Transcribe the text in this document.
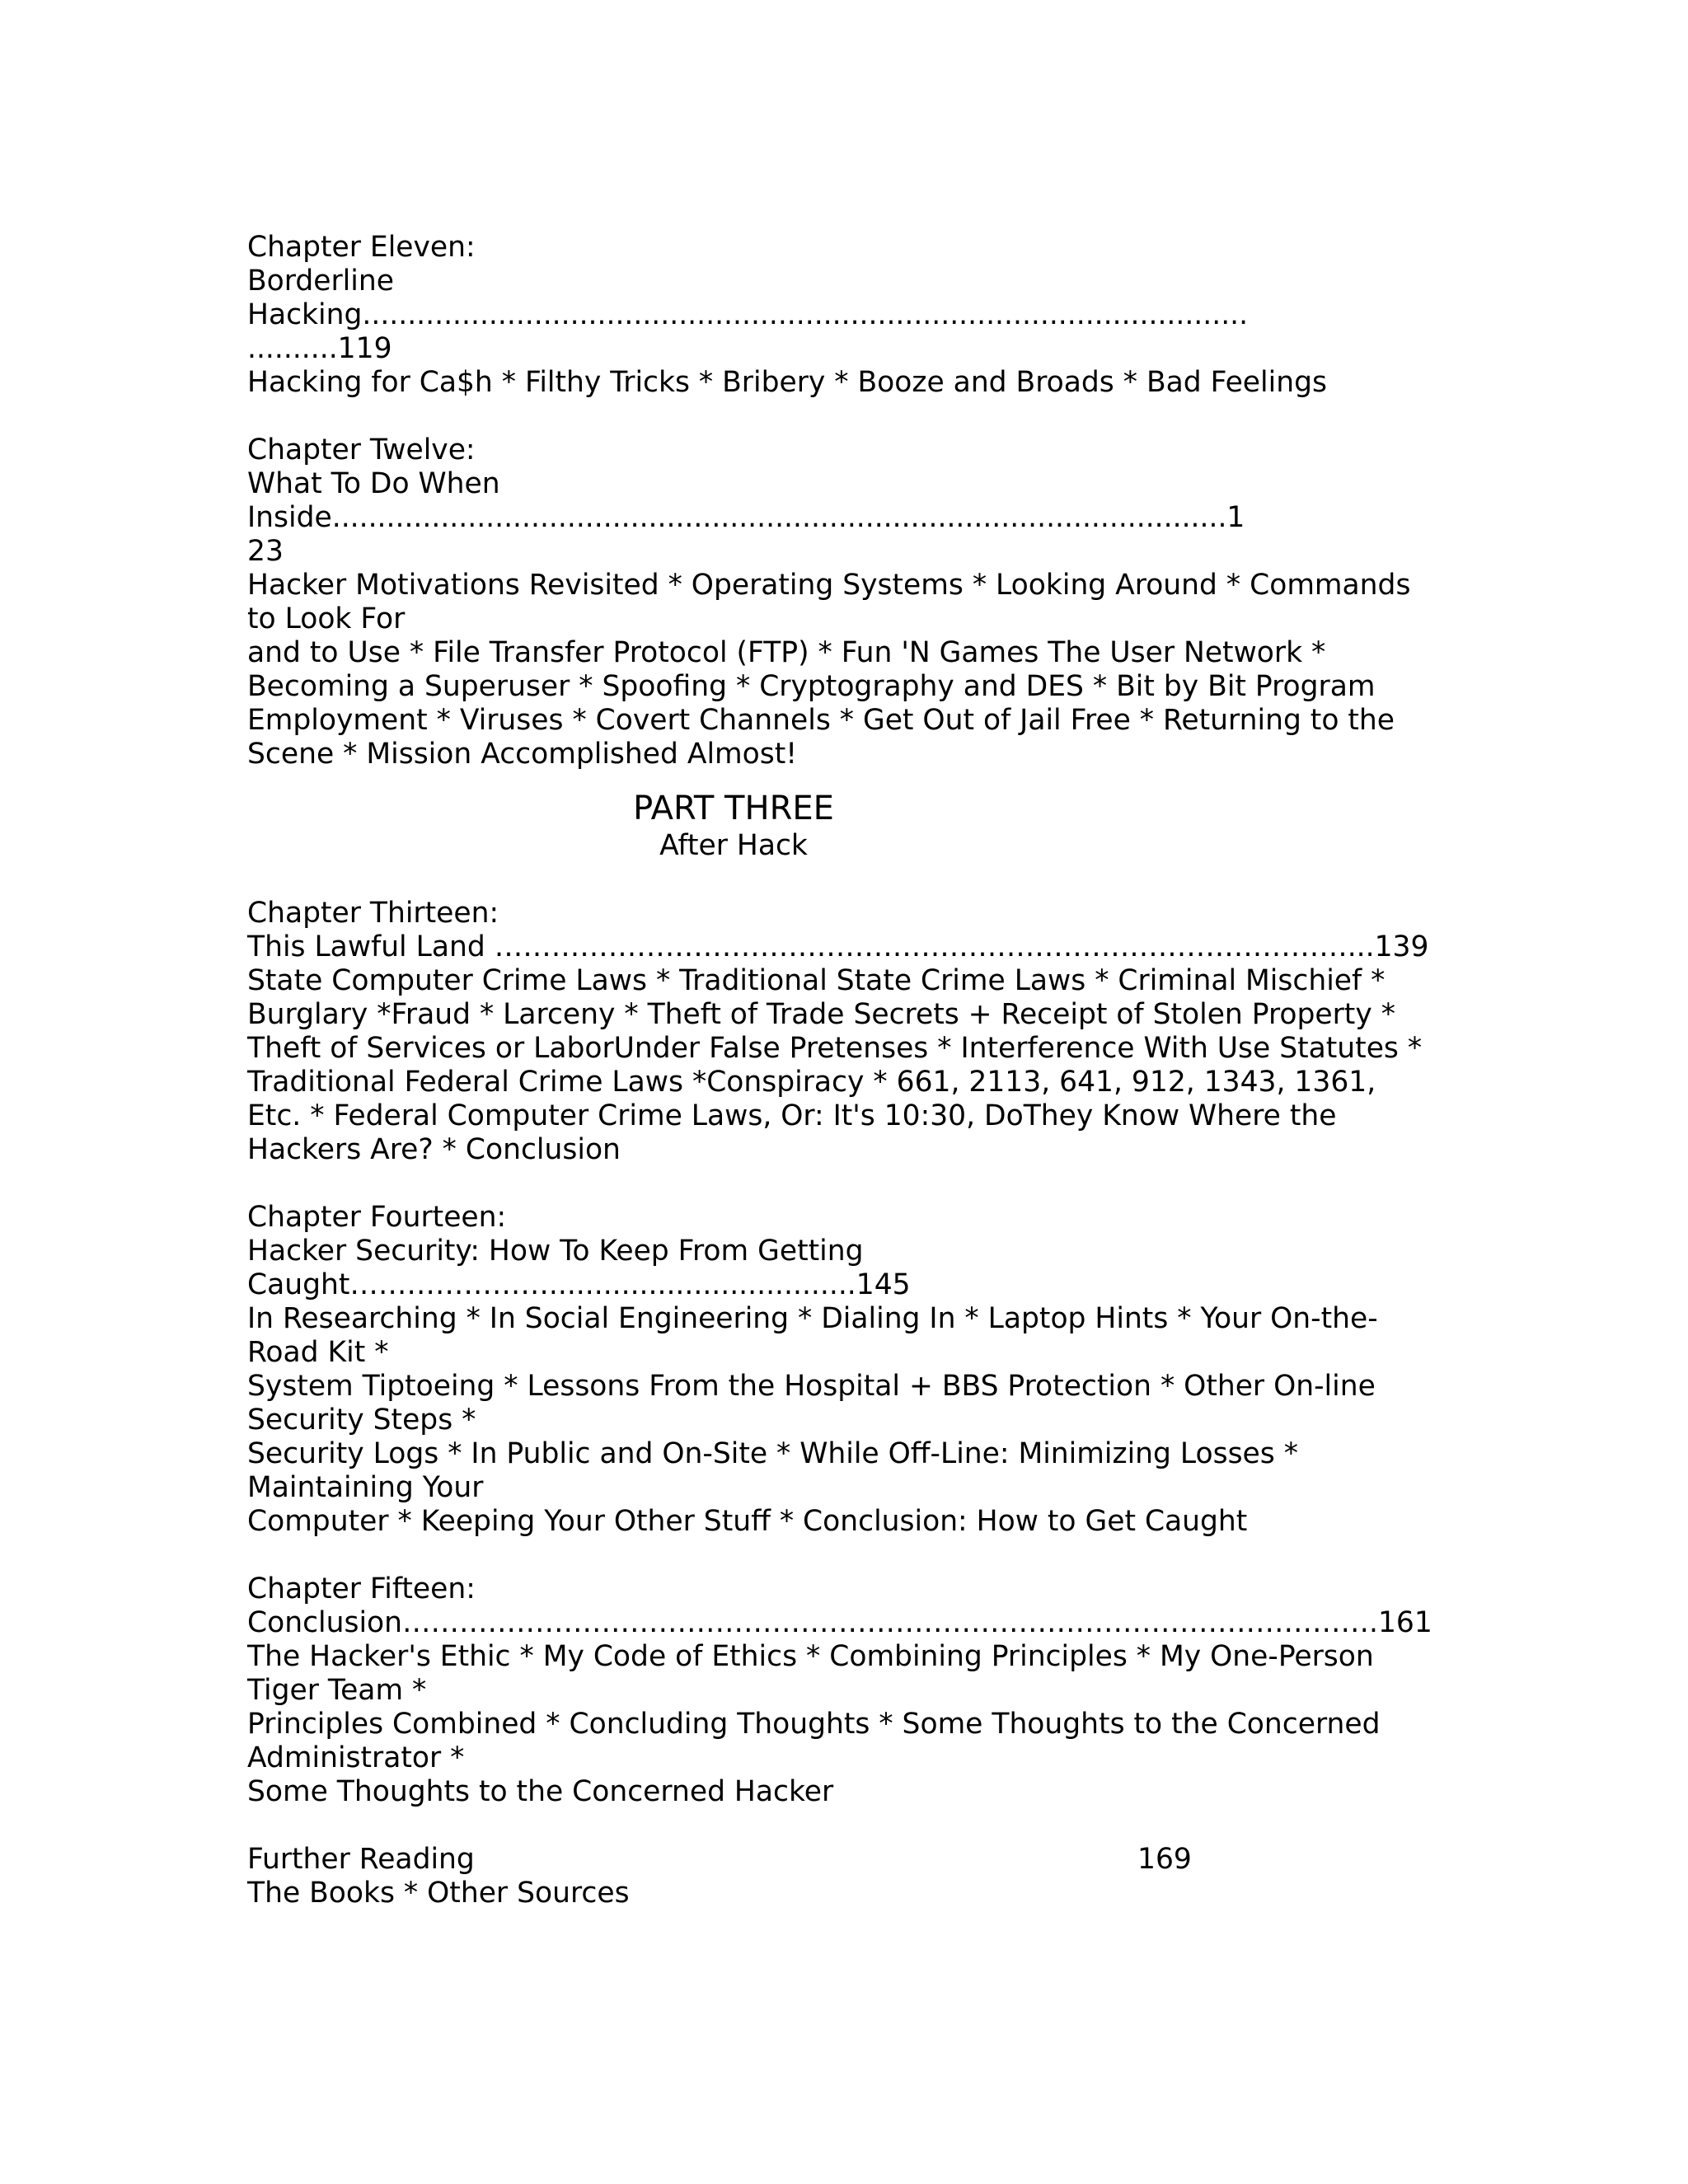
Chapter Eleven:
Borderline
Hacking..................................................................................................
..........119
Hacking for Ca$h * Filthy Tricks * Bribery * Booze and Broads * Bad Feelings
Chapter Twelve:
What To Do When
Inside...................................................................................................1
23
Hacker Motivations Revisited * Operating Systems * Looking Around * Commands
to Look For
and to Use * File Transfer Protocol (FTP) * Fun 'N Games The User Network *
Becoming a Superuser * Spoofing * Cryptography and DES * Bit by Bit Program
Employment * Viruses * Covert Channels * Get Out of Jail Free * Returning to the
Scene * Mission Accomplished Almost!
PART THREE
After Hack
Chapter Thirteen:
This Lawful Land ………………………………………………………………………………...139
State Computer Crime Laws * Traditional State Crime Laws * Criminal Mischief *
Burglary *Fraud * Larceny * Theft of Trade Secrets + Receipt of Stolen Property *
Theft of Services or LaborUnder False Pretenses * Interference With Use Statutes *
Traditional Federal Crime Laws *Conspiracy * 661, 2113, 641, 912, 1343, 1361,
Etc. * Federal Computer Crime Laws, Or: It's 10:30, DoThey Know Where the
Hackers Are? * Conclusion
Chapter Fourteen:
Hacker Security: How To Keep From Getting
Caught…………………..................................145
In Researching * In Social Engineering * Dialing In * Laptop Hints * Your On-the-
Road Kit *
System Tiptoeing * Lessons From the Hospital + BBS Protection * Other On-line
Security Steps *
Security Logs * In Public and On-Site * While Off-Line: Minimizing Losses *
Maintaining Your
Computer * Keeping Your Other Stuff * Conclusion: How to Get Caught
Chapter Fifteen:
Conclusion………………………………………………………………………………………….161
The Hacker's Ethic * My Code of Ethics * Combining Principles * My One-Person
Tiger Team *
Principles Combined * Concluding Thoughts * Some Thoughts to the Concerned
Administrator *
Some Thoughts to the Concerned Hacker
Further Reading	169
The Books * Other Sources
